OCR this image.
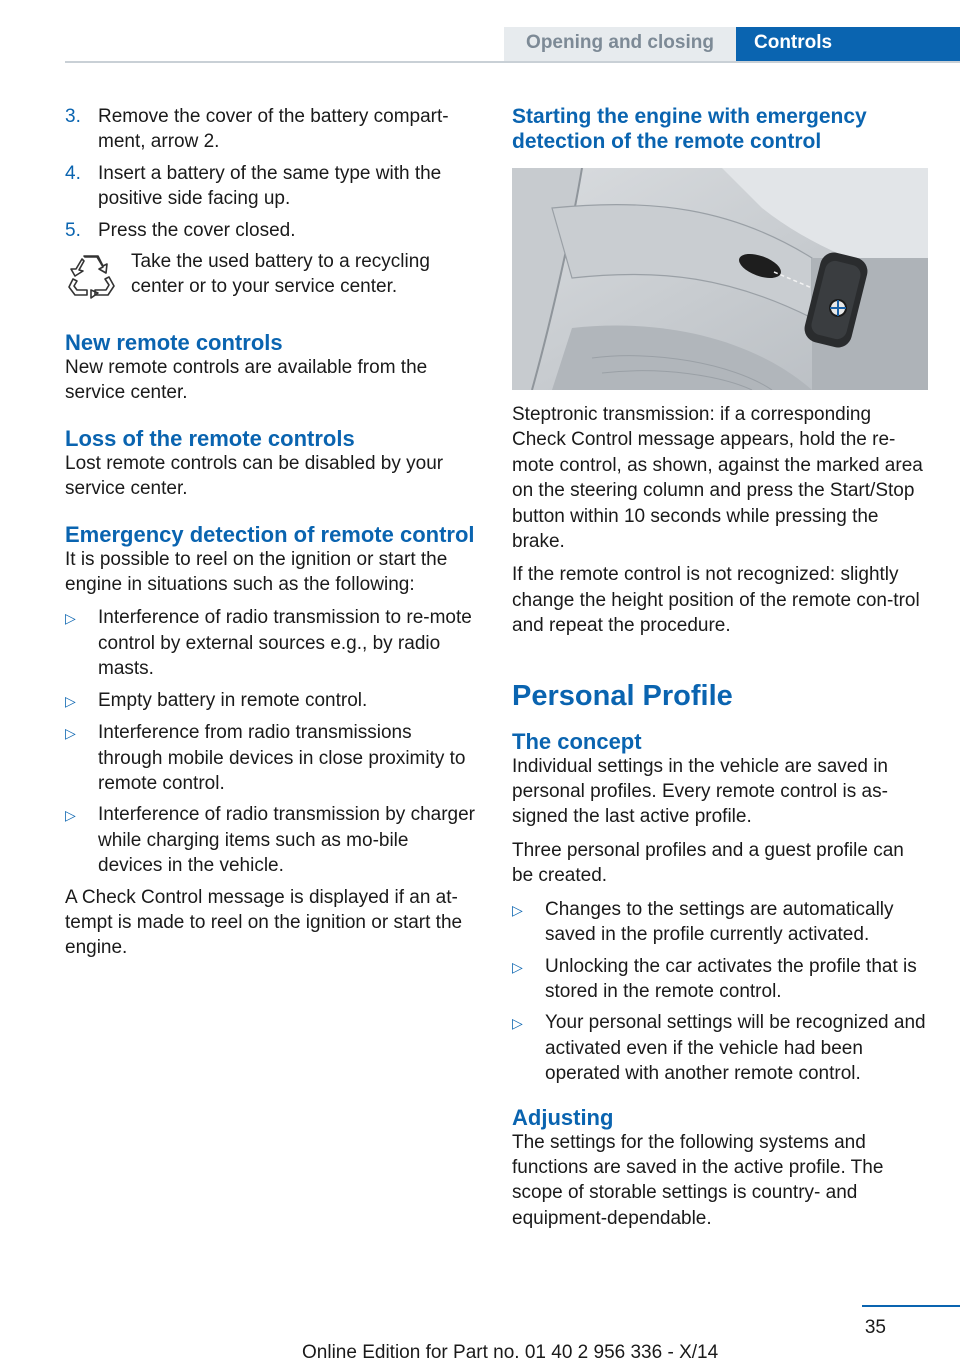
Opening and closing	Controls
3. Remove the cover of the battery compart‐ment, arrow 2.
4. Insert a battery of the same type with the positive side facing up.
5. Press the cover closed.

Take the used battery to a recycling center or to your service center.

New remote controls

New remote controls are available from the service center.

Loss of the remote controls

Lost remote controls can be disabled by your service center.

Emergency detection of remote control

It is possible to reel on the ignition or start the engine in situations such as the following:

▷	Interference of radio transmission to re‐mote control by external sources e.g., by radio masts.
▷	Empty battery in remote control.
▷	Interference from radio transmissions through mobile devices in close proximity to remote control.
▷	Interference of radio transmission by charger while charging items such as mo‐bile devices in the vehicle.

A Check Control message is displayed if an at‐tempt is made to reel on the ignition or start the engine.

Starting the engine with emergency detection of the remote control

Steptronic transmission: if a corresponding Check Control message appears, hold the re‐mote control, as shown, against the marked area on the steering column and press the Start/Stop button within 10 seconds while pressing the brake.

If the remote control is not recognized: slightly change the height position of the remote con‐trol and repeat the procedure.

Personal Profile
The concept

Individual settings in the vehicle are saved in personal profiles. Every remote control is as‐signed the last active profile.

Three personal profiles and a guest profile can be created.

▷	Changes to the settings are automatically saved in the profile currently activated.
▷	Unlocking the car activates the profile that is stored in the remote control.
▷	Your personal settings will be recognized and activated even if the vehicle had been operated with another remote control.
Adjusting

The settings for the following systems and functions are saved in the active profile. The scope of storable settings is country- and equipment-dependable.

35
Online Edition for Part no. 01 40 2 956 336 - X/14
